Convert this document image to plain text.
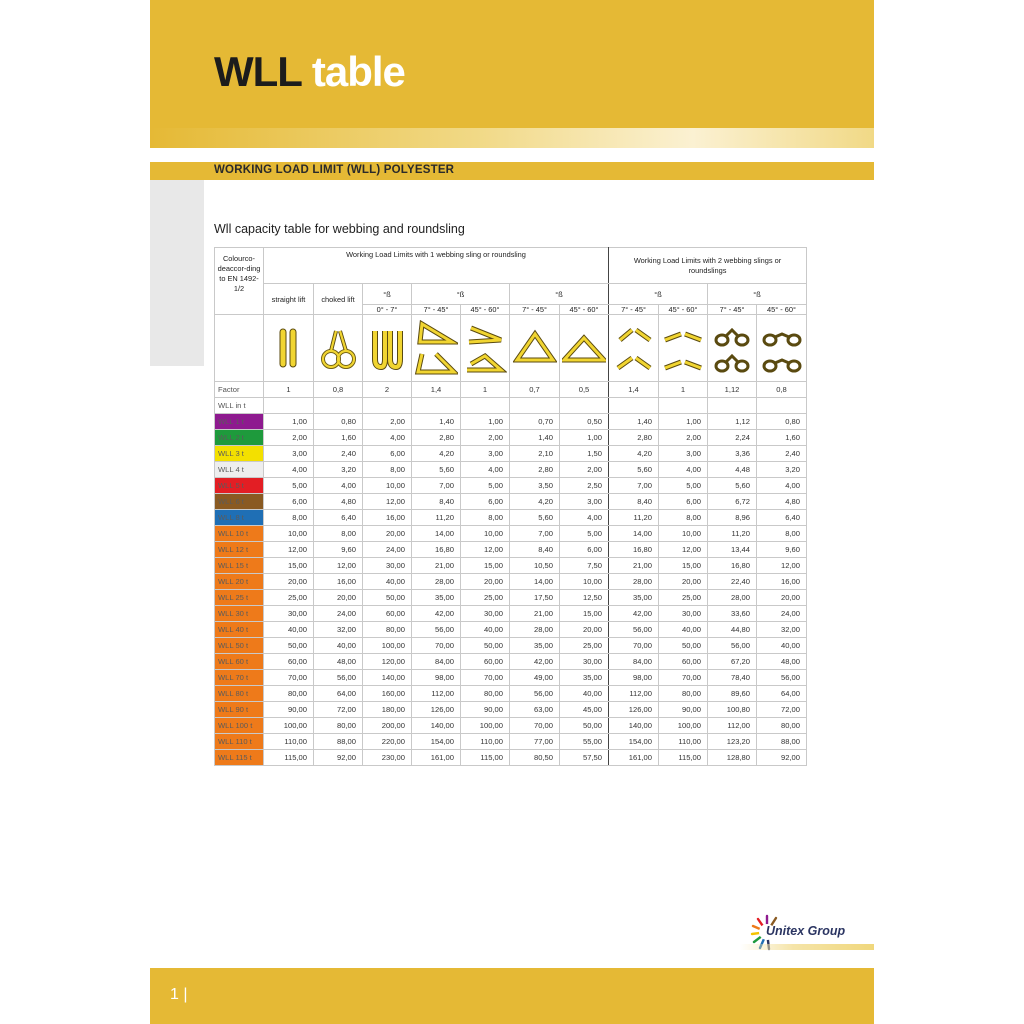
WLL table
WORKING LOAD LIMIT (WLL) POLYESTER
Wll capacity table for webbing and roundsling
Colourco-deaccor-ding to EN 1492-1/2	Working Load Limits with 1 webbing sling or roundsling							Working Load Limits with 2 webbing slings or roundslings			
	straight lift	choked lift	°ß	°ß		°ß		°ß		°ß	
			0° - 7°	7° - 45°	45° - 60°	7° - 45°	45° - 60°	7° - 45°	45° - 60°	7° - 45°	45° - 60°

Factor	1	0,8	2	1,4	1	0,7	0,5	1,4	1	1,12	0,8
WLL in t											
WLL 1 t	1,00	0,80	2,00	1,40	1,00	0,70	0,50	1,40	1,00	1,12	0,80
WLL 2 t	2,00	1,60	4,00	2,80	2,00	1,40	1,00	2,80	2,00	2,24	1,60
WLL 3 t	3,00	2,40	6,00	4,20	3,00	2,10	1,50	4,20	3,00	3,36	2,40
WLL 4 t	4,00	3,20	8,00	5,60	4,00	2,80	2,00	5,60	4,00	4,48	3,20
WLL 5 t	5,00	4,00	10,00	7,00	5,00	3,50	2,50	7,00	5,00	5,60	4,00
WLL 6 t	6,00	4,80	12,00	8,40	6,00	4,20	3,00	8,40	6,00	6,72	4,80
WLL 8 t	8,00	6,40	16,00	11,20	8,00	5,60	4,00	11,20	8,00	8,96	6,40
WLL 10 t	10,00	8,00	20,00	14,00	10,00	7,00	5,00	14,00	10,00	11,20	8,00
WLL 12 t	12,00	9,60	24,00	16,80	12,00	8,40	6,00	16,80	12,00	13,44	9,60
WLL 15 t	15,00	12,00	30,00	21,00	15,00	10,50	7,50	21,00	15,00	16,80	12,00
WLL 20 t	20,00	16,00	40,00	28,00	20,00	14,00	10,00	28,00	20,00	22,40	16,00
WLL 25 t	25,00	20,00	50,00	35,00	25,00	17,50	12,50	35,00	25,00	28,00	20,00
WLL 30 t	30,00	24,00	60,00	42,00	30,00	21,00	15,00	42,00	30,00	33,60	24,00
WLL 40 t	40,00	32,00	80,00	56,00	40,00	28,00	20,00	56,00	40,00	44,80	32,00
WLL 50 t	50,00	40,00	100,00	70,00	50,00	35,00	25,00	70,00	50,00	56,00	40,00
WLL 60 t	60,00	48,00	120,00	84,00	60,00	42,00	30,00	84,00	60,00	67,20	48,00
WLL 70 t	70,00	56,00	140,00	98,00	70,00	49,00	35,00	98,00	70,00	78,40	56,00
WLL 80 t	80,00	64,00	160,00	112,00	80,00	56,00	40,00	112,00	80,00	89,60	64,00
WLL 90 t	90,00	72,00	180,00	126,00	90,00	63,00	45,00	126,00	90,00	100,80	72,00
WLL 100 t	100,00	80,00	200,00	140,00	100,00	70,00	50,00	140,00	100,00	112,00	80,00
WLL 110 t	110,00	88,00	220,00	154,00	110,00	77,00	55,00	154,00	110,00	123,20	88,00
WLL 115 t	115,00	92,00	230,00	161,00	115,00	80,50	57,50	161,00	115,00	128,80	92,00
Unitex Group
1 |
